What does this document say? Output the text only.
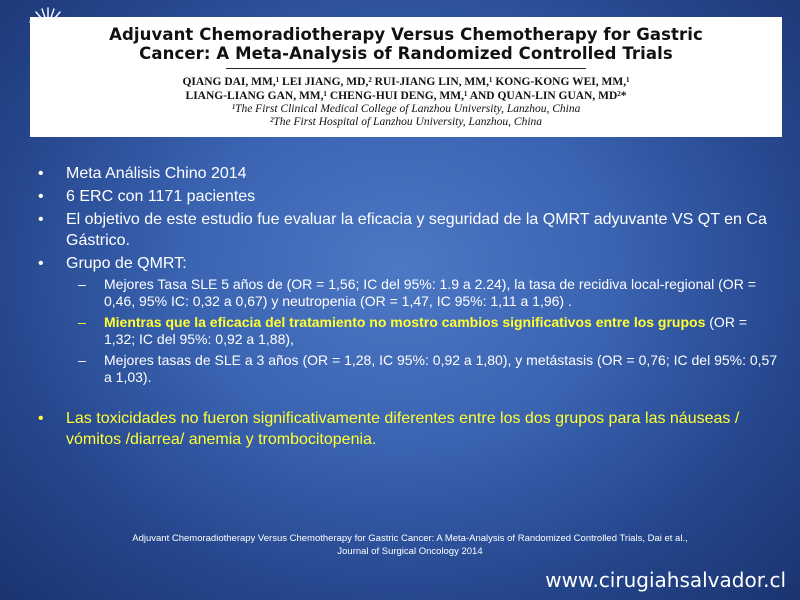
Adjuvant Chemoradiotherapy Versus Chemotherapy for Gastric
Cancer: A Meta-Analysis of Randomized Controlled Trials
QIANG DAI, MM,¹ LEI JIANG, MD,² RUI-JIANG LIN, MM,¹ KONG-KONG WEI, MM,¹
LIANG-LIANG GAN, MM,¹ CHENG-HUI DENG, MM,¹ AND QUAN-LIN GUAN, MD²*
¹The First Clinical Medical College of Lanzhou University, Lanzhou, China
²The First Hospital of Lanzhou University, Lanzhou, China
• Meta Análisis Chino 2014
• 6 ERC con 1171 pacientes
• El objetivo de este estudio fue evaluar la eficacia y seguridad de la QMRT adyuvante VS QT en Ca Gástrico.
• Grupo de QMRT:
– Mejores Tasa SLE 5 años de (OR = 1,56; IC del 95%: 1.9 a 2.24), la tasa de recidiva local-regional (OR = 0,46, 95% IC: 0,32 a 0,67) y neutropenia (OR = 1,47, IC 95%: 1,11 a 1,96) .
– Mientras que la eficacia del tratamiento no mostro cambios significativos entre los grupos (OR = 1,32; IC del 95%: 0,92 a 1,88),
– Mejores tasas de SLE a 3 años (OR = 1,28, IC 95%: 0,92 a 1,80), y metástasis (OR = 0,76; IC del 95%: 0,57 a 1,03).
• Las toxicidades no fueron significativamente diferentes entre los dos grupos para las náuseas / vómitos /diarrea/ anemia y trombocitopenia.
Adjuvant Chemoradiotherapy Versus Chemotherapy for Gastric Cancer: A Meta-Analysis of Randomized Controlled Trials, Dai et al.,
Journal of Surgical Oncology 2014
www.cirugiahsalvador.cl
